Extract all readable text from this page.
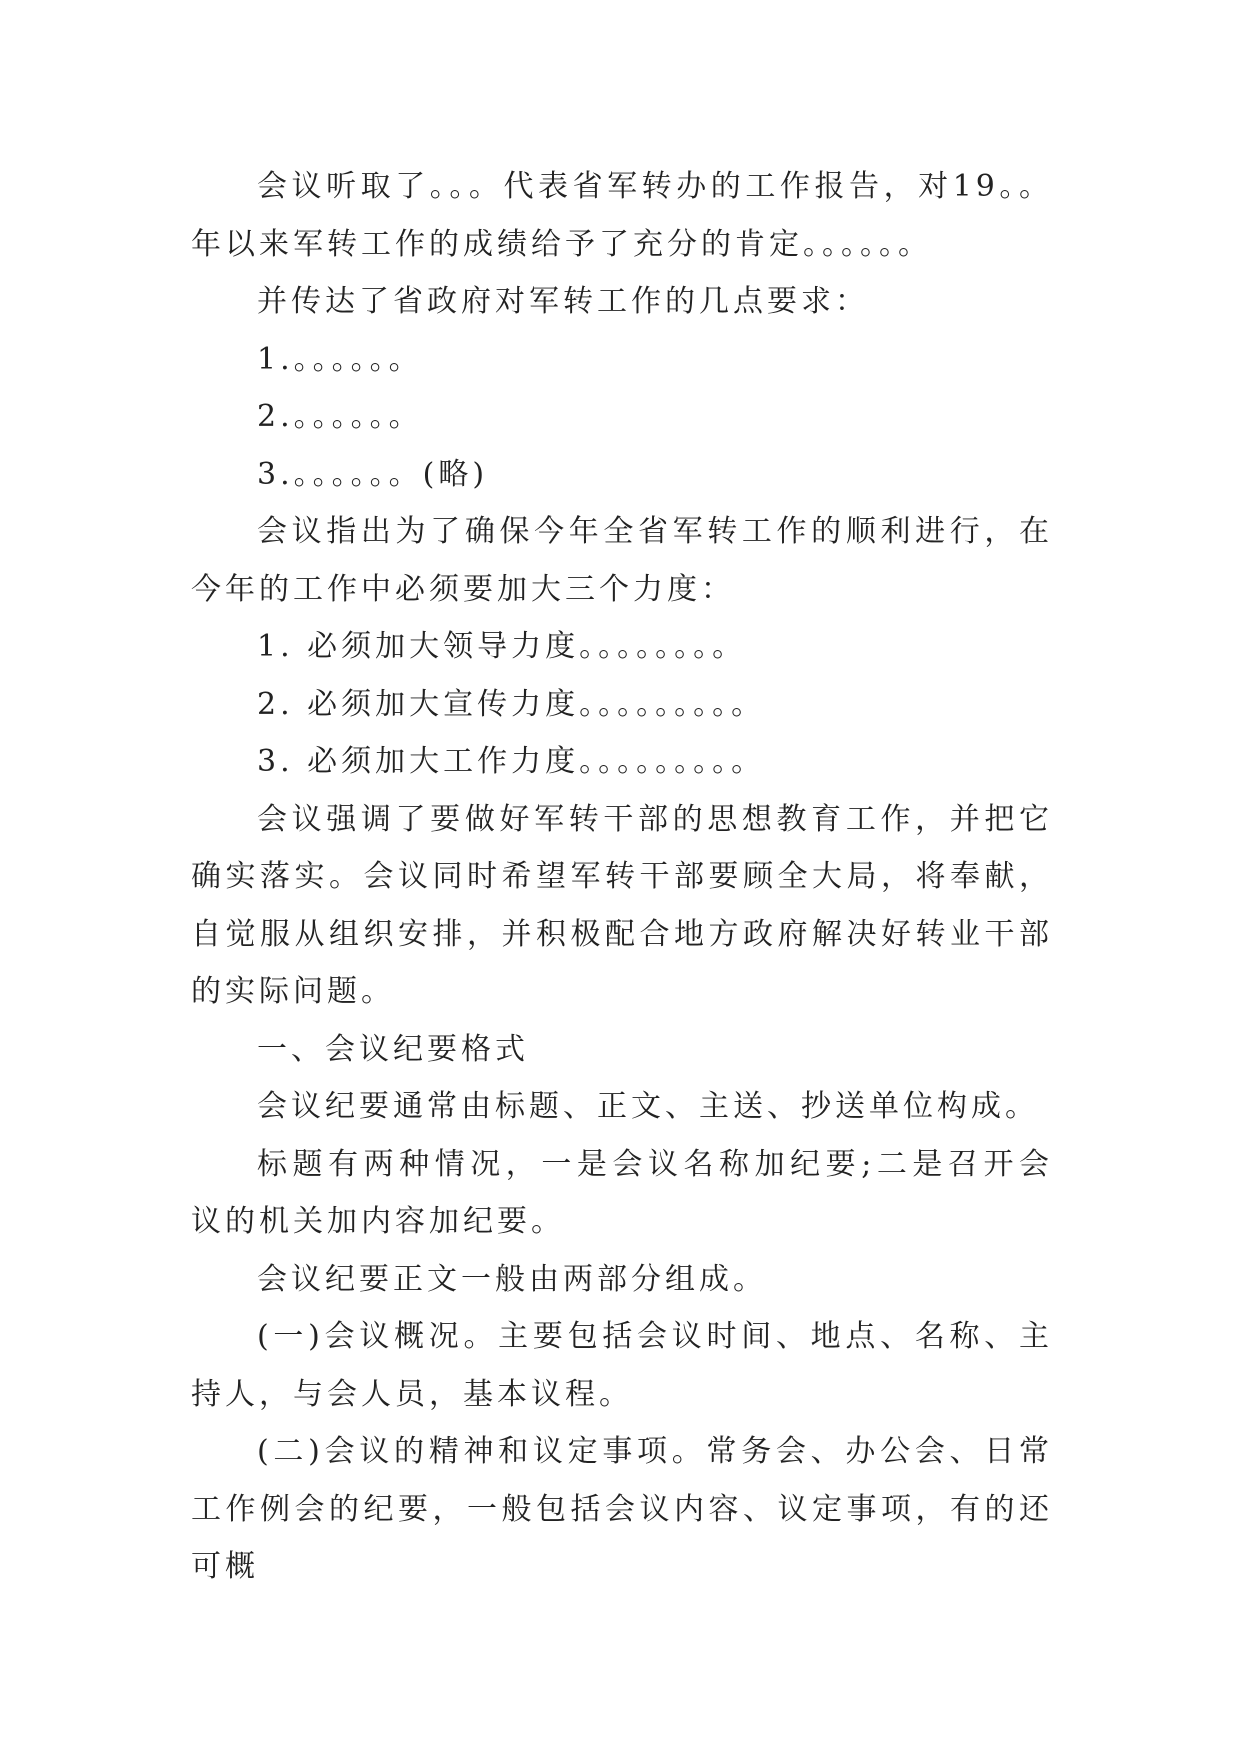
会议听取了。。。代表省军转办的工作报告，对19。。年以来军转工作的成绩给予了充分的肯定。。。。。。

并传达了省政府对军转工作的几点要求：

1.。。。。。。

2.。。。。。。

3.。。。。。。(略)

会议指出为了确保今年全省军转工作的顺利进行，在今年的工作中必须要加大三个力度：

1. 必须加大领导力度。。。。。。。。

2. 必须加大宣传力度。。。。。。。。。

3. 必须加大工作力度。。。。。。。。。

会议强调了要做好军转干部的思想教育工作，并把它确实落实。会议同时希望军转干部要顾全大局，将奉献，自觉服从组织安排，并积极配合地方政府解决好转业干部的实际问题。

一、会议纪要格式

会议纪要通常由标题、正文、主送、抄送单位构成。

标题有两种情况，一是会议名称加纪要;二是召开会议的机关加内容加纪要。

会议纪要正文一般由两部分组成。

(一)会议概况。主要包括会议时间、地点、名称、主持人，与会人员，基本议程。

(二)会议的精神和议定事项。常务会、办公会、日常工作例会的纪要，一般包括会议内容、议定事项，有的还可概
